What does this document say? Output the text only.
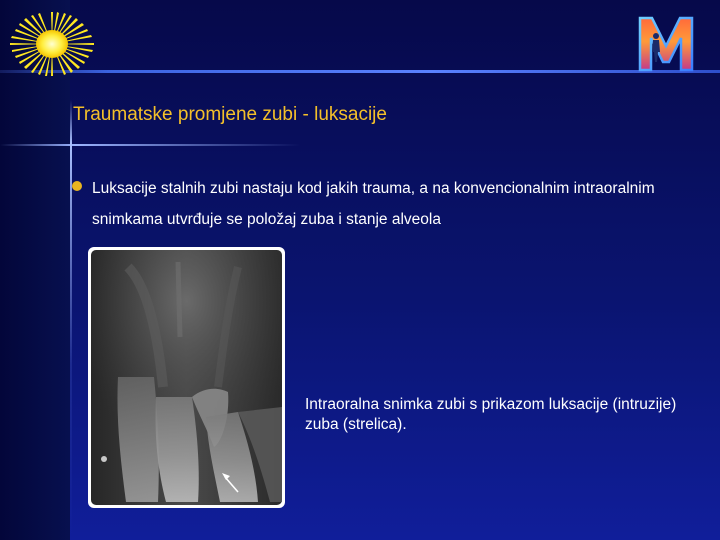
Traumatske promjene zubi - luksacije

Luksacije stalnih zubi nastaju kod jakih trauma, a na konvencionalnim intraoralnim snimkama utvrđuje se položaj zuba i stanje alveola

Intraoralna snimka zubi s prikazom luksacije (intruzije) zuba (strelica).
